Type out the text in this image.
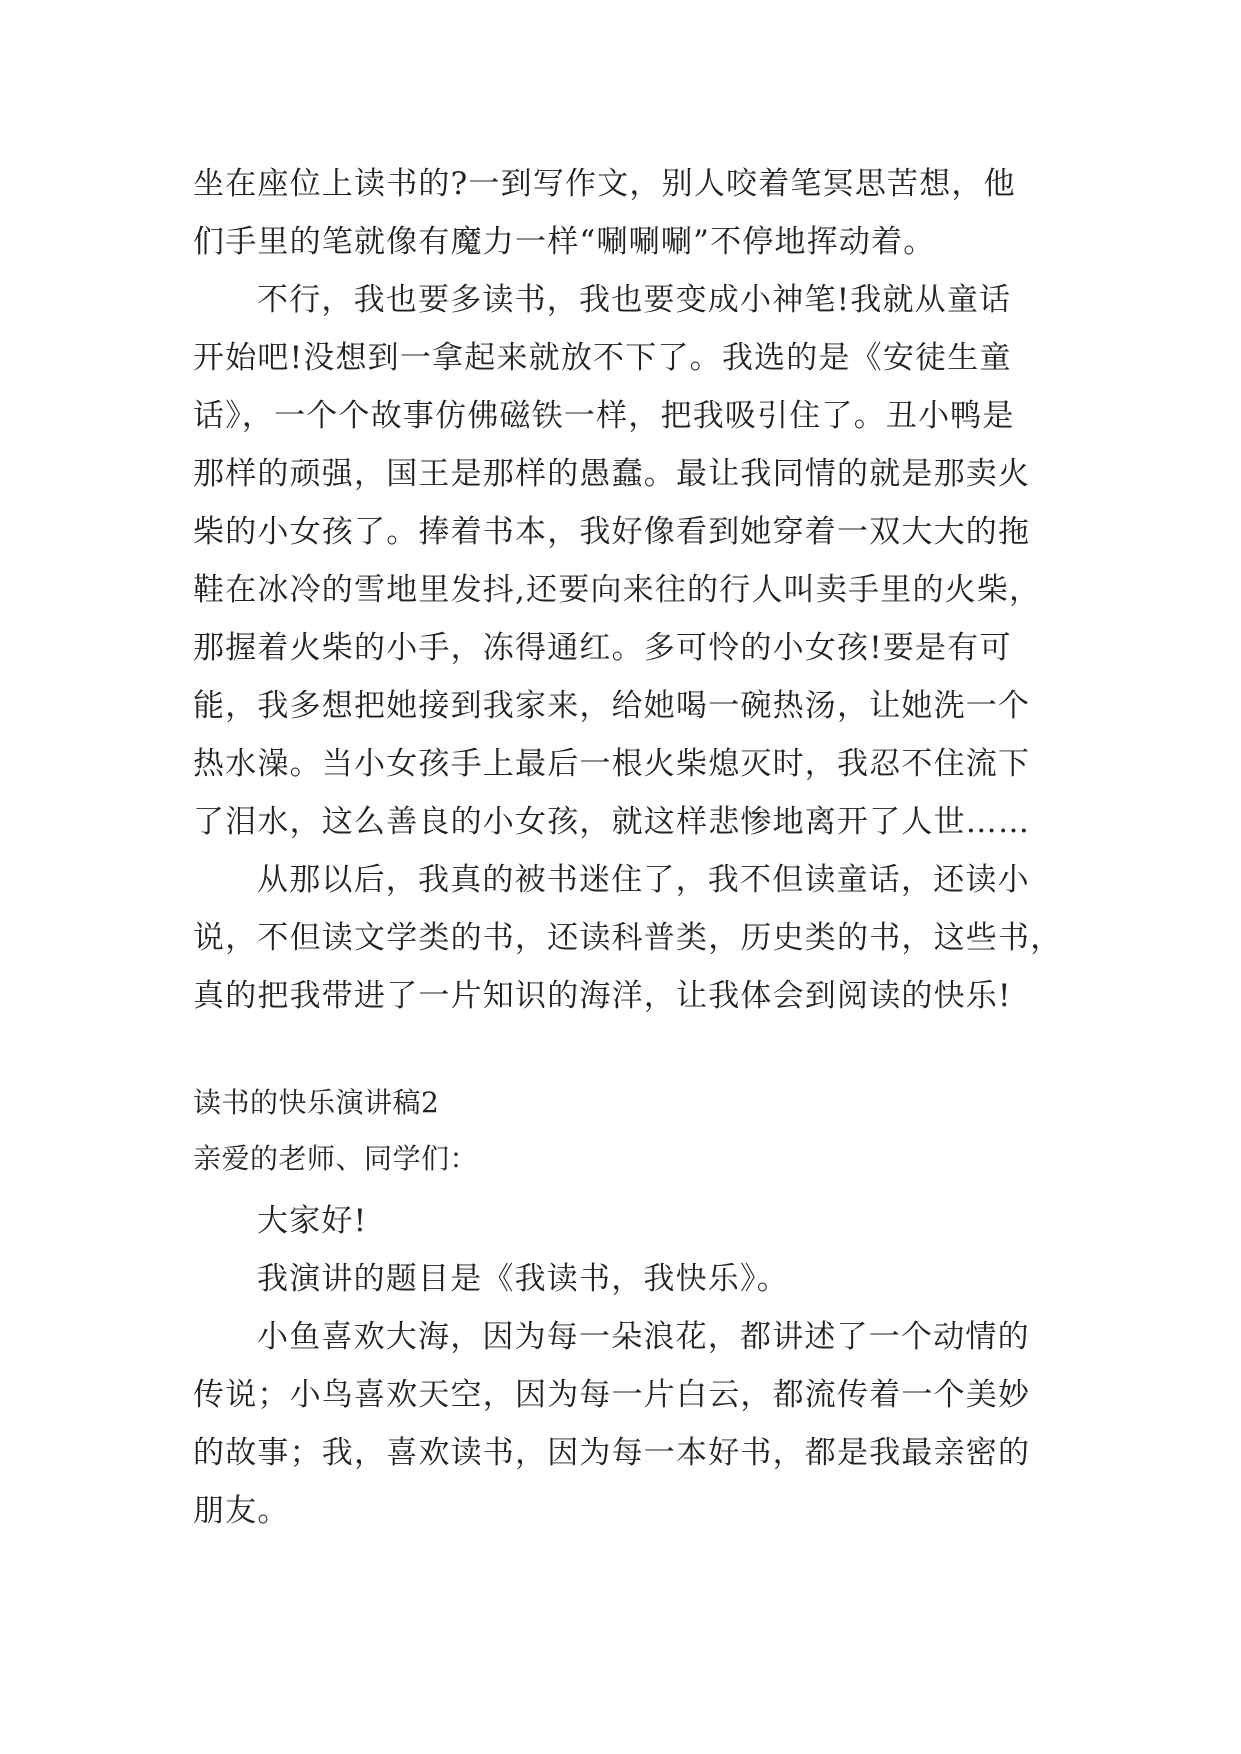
坐在座位上读书的?一到写作文，别人咬着笔冥思苦想，他
们手里的笔就像有魔力一样“唰唰唰”不停地挥动着。
不行，我也要多读书，我也要变成小神笔!我就从童话
开始吧!没想到一拿起来就放不下了。我选的是《安徒生童
话》，一个个故事仿佛磁铁一样，把我吸引住了。丑小鸭是
那样的顽强，国王是那样的愚蠢。最让我同情的就是那卖火
柴的小女孩了。捧着书本，我好像看到她穿着一双大大的拖
鞋在冰冷的雪地里发抖,还要向来往的行人叫卖手里的火柴，
那握着火柴的小手，冻得通红。多可怜的小女孩!要是有可
能，我多想把她接到我家来，给她喝一碗热汤，让她洗一个
热水澡。当小女孩手上最后一根火柴熄灭时，我忍不住流下
了泪水，这么善良的小女孩，就这样悲惨地离开了人世……
从那以后，我真的被书迷住了，我不但读童话，还读小
说，不但读文学类的书，还读科普类，历史类的书，这些书，
真的把我带进了一片知识的海洋，让我体会到阅读的快乐!
读书的快乐演讲稿2
亲爱的老师、同学们：
大家好!
我演讲的题目是《我读书，我快乐》。
小鱼喜欢大海，因为每一朵浪花，都讲述了一个动情的
传说；小鸟喜欢天空，因为每一片白云，都流传着一个美妙
的故事；我，喜欢读书，因为每一本好书，都是我最亲密的
朋友。
